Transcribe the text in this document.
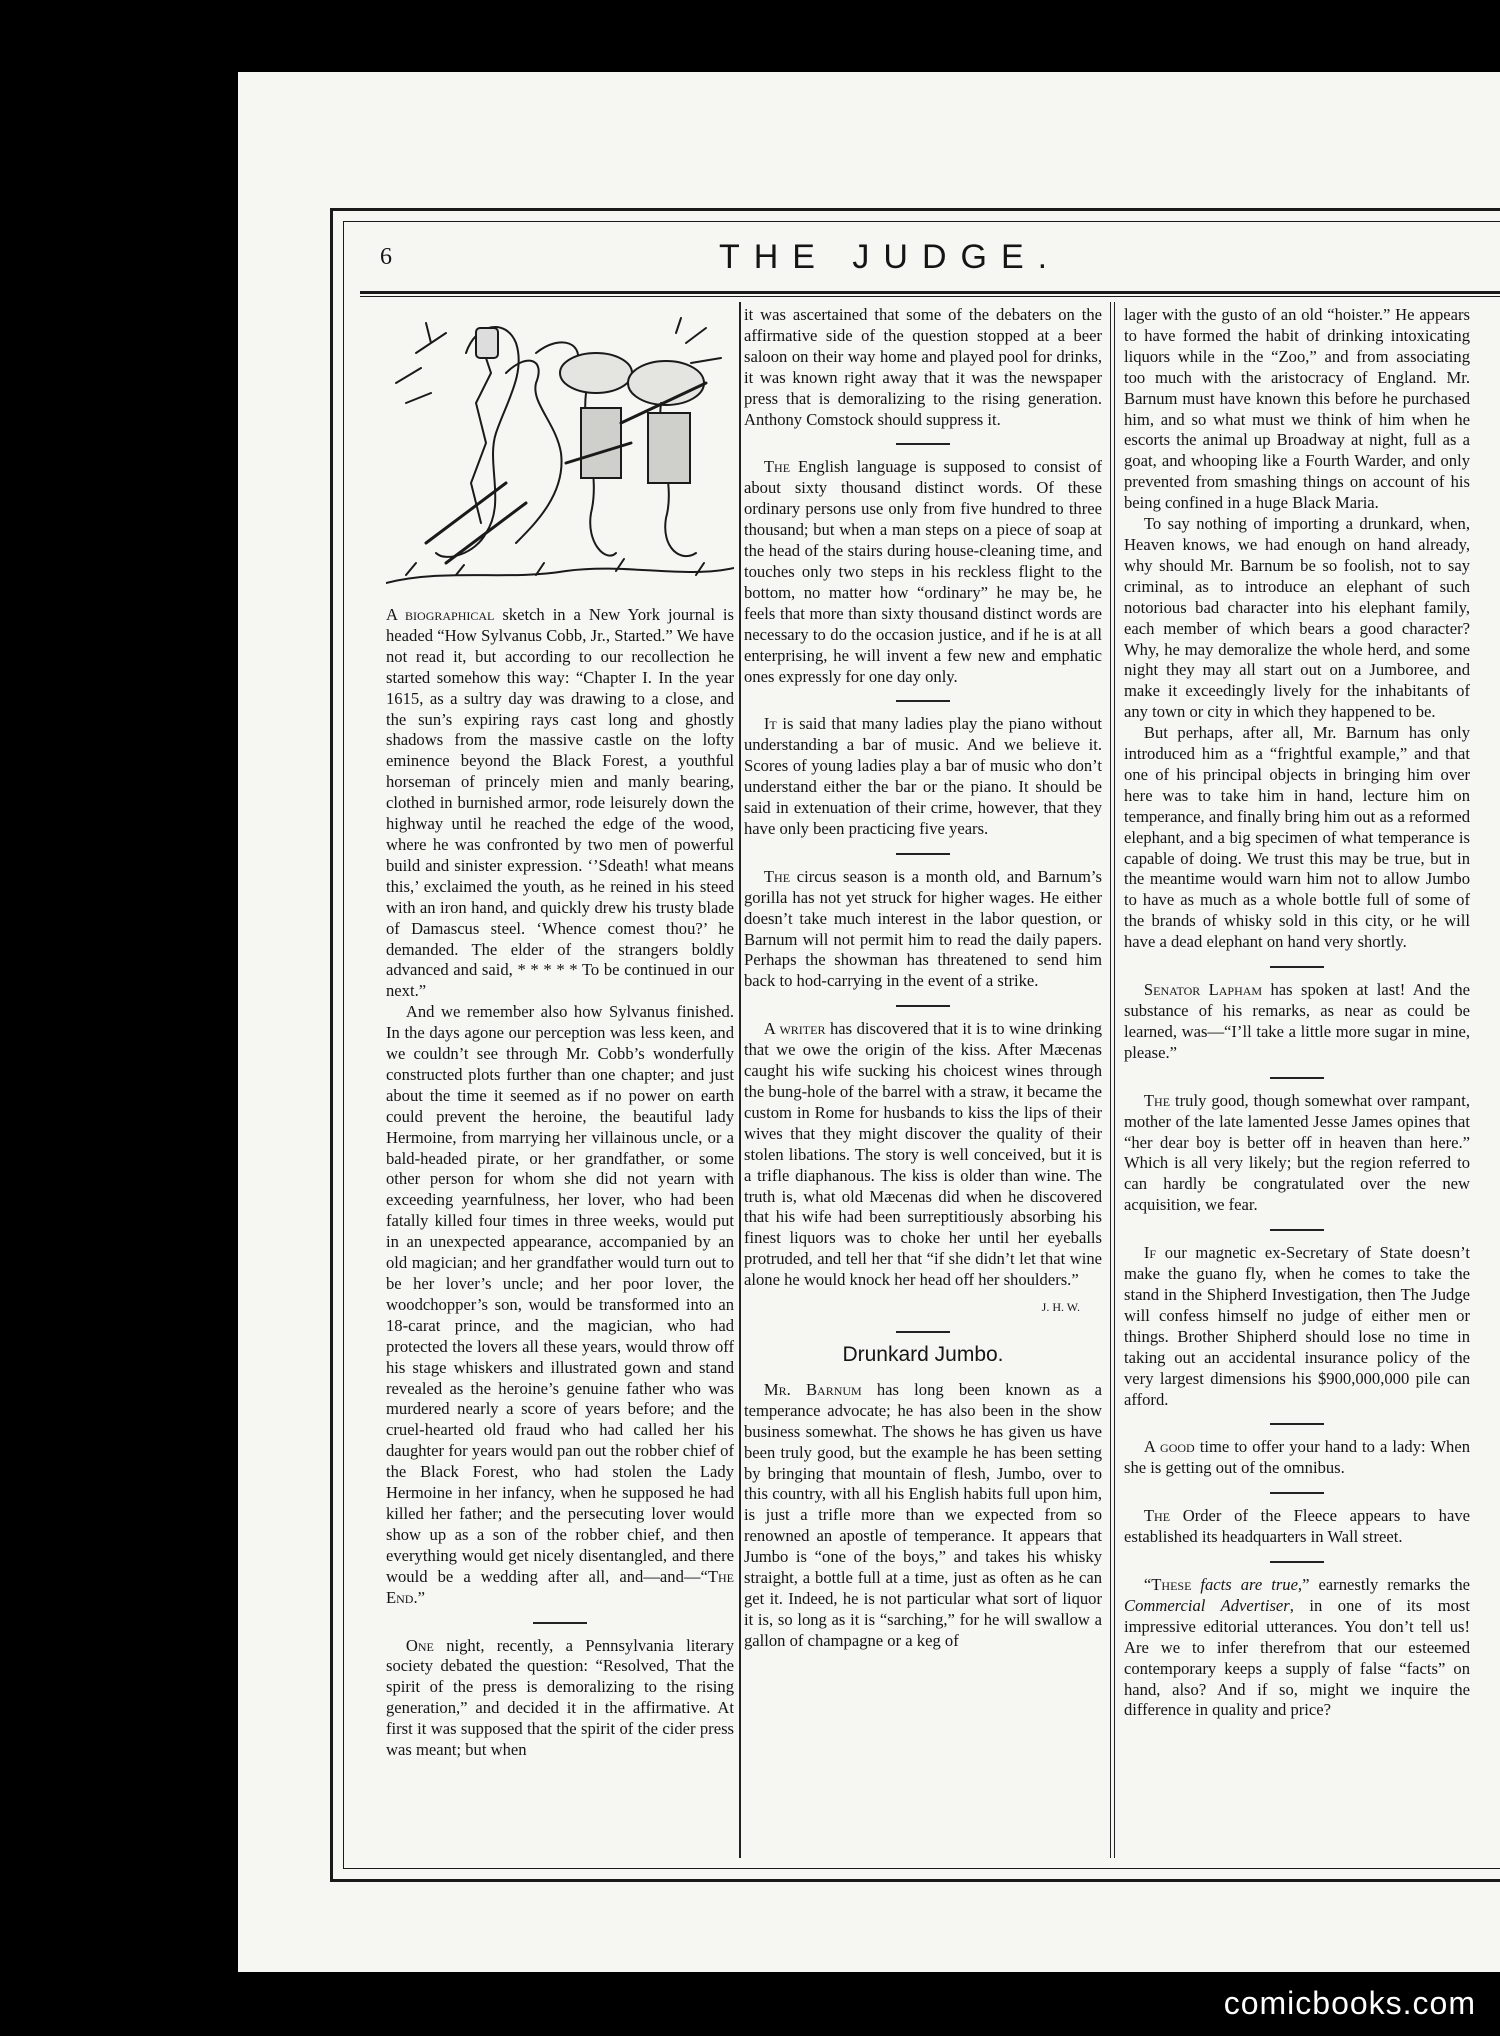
6	THE JUDGE.

A biographical sketch in a New York journal is headed “How Sylvanus Cobb, Jr., Started.” We have not read it, but according to our recollection he started somehow this way: “Chapter I. In the year 1615, as a sultry day was drawing to a close, and the sun’s expiring rays cast long and ghostly shadows from the massive castle on the lofty eminence beyond the Black Forest, a youthful horseman of princely mien and manly bearing, clothed in burnished armor, rode leisurely down the highway until he reached the edge of the wood, where he was confronted by two men of powerful build and sinister expression. ‘’Sdeath! what means this,’ exclaimed the youth, as he reined in his steed with an iron hand, and quickly drew his trusty blade of Damascus steel. ‘Whence comest thou?’ he demanded. The elder of the strangers boldly advanced and said, * * * * * To be continued in our next.”

And we remember also how Sylvanus finished. In the days agone our perception was less keen, and we couldn’t see through Mr. Cobb’s wonderfully constructed plots further than one chapter; and just about the time it seemed as if no power on earth could prevent the heroine, the beautiful lady Hermoine, from marrying her villainous uncle, or a bald-headed pirate, or her grandfather, or some other person for whom she did not yearn with exceeding yearnfulness, her lover, who had been fatally killed four times in three weeks, would put in an unexpected appearance, accompanied by an old magician; and her grandfather would turn out to be her lover’s uncle; and her poor lover, the woodchopper’s son, would be transformed into an 18-carat prince, and the magician, who had protected the lovers all these years, would throw off his stage whiskers and illustrated gown and stand revealed as the heroine’s genuine father who was murdered nearly a score of years before; and the cruel-hearted old fraud who had called her his daughter for years would pan out the robber chief of the Black Forest, who had stolen the Lady Hermoine in her infancy, when he supposed he had killed her father; and the persecuting lover would show up as a son of the robber chief, and then everything would get nicely disentangled, and there would be a wedding after all, and—and—“The End.”

One night, recently, a Pennsylvania literary society debated the question: “Resolved, That the spirit of the press is demoralizing to the rising generation,” and decided it in the affirmative. At first it was supposed that the spirit of the cider press was meant; but when

it was ascertained that some of the debaters on the affirmative side of the question stopped at a beer saloon on their way home and played pool for drinks, it was known right away that it was the newspaper press that is demoralizing to the rising generation. Anthony Comstock should suppress it.

The English language is supposed to consist of about sixty thousand distinct words. Of these ordinary persons use only from five hundred to three thousand; but when a man steps on a piece of soap at the head of the stairs during house-cleaning time, and touches only two steps in his reckless flight to the bottom, no matter how “ordinary” he may be, he feels that more than sixty thousand distinct words are necessary to do the occasion justice, and if he is at all enterprising, he will invent a few new and emphatic ones expressly for one day only.

It is said that many ladies play the piano without understanding a bar of music. And we believe it. Scores of young ladies play a bar of music who don’t understand either the bar or the piano. It should be said in extenuation of their crime, however, that they have only been practicing five years.

The circus season is a month old, and Barnum’s gorilla has not yet struck for higher wages. He either doesn’t take much interest in the labor question, or Barnum will not permit him to read the daily papers. Perhaps the showman has threatened to send him back to hod-carrying in the event of a strike.

A writer has discovered that it is to wine drinking that we owe the origin of the kiss. After Mæcenas caught his wife sucking his choicest wines through the bung-hole of the barrel with a straw, it became the custom in Rome for husbands to kiss the lips of their wives that they might discover the quality of their stolen libations. The story is well conceived, but it is a trifle diaphanous. The kiss is older than wine. The truth is, what old Mæcenas did when he discovered that his wife had been surreptitiously absorbing his finest liquors was to choke her until her eyeballs protruded, and tell her that “if she didn’t let that wine alone he would knock her head off her shoulders.”

J. H. W.
Drunkard Jumbo.

Mr. Barnum has long been known as a temperance advocate; he has also been in the show business somewhat. The shows he has given us have been truly good, but the example he has been setting by bringing that mountain of flesh, Jumbo, over to this country, with all his English habits full upon him, is just a trifle more than we expected from so renowned an apostle of temperance. It appears that Jumbo is “one of the boys,” and takes his whisky straight, a bottle full at a time, just as often as he can get it. Indeed, he is not particular what sort of liquor it is, so long as it is “sarching,” for he will swallow a gallon of champagne or a keg of

lager with the gusto of an old “hoister.” He appears to have formed the habit of drinking intoxicating liquors while in the “Zoo,” and from associating too much with the aristocracy of England. Mr. Barnum must have known this before he purchased him, and so what must we think of him when he escorts the animal up Broadway at night, full as a goat, and whooping like a Fourth Warder, and only prevented from smashing things on account of his being confined in a huge Black Maria.

To say nothing of importing a drunkard, when, Heaven knows, we had enough on hand already, why should Mr. Barnum be so foolish, not to say criminal, as to introduce an elephant of such notorious bad character into his elephant family, each member of which bears a good character? Why, he may demoralize the whole herd, and some night they may all start out on a Jumboree, and make it exceedingly lively for the inhabitants of any town or city in which they happened to be.

But perhaps, after all, Mr. Barnum has only introduced him as a “frightful example,” and that one of his principal objects in bringing him over here was to take him in hand, lecture him on temperance, and finally bring him out as a reformed elephant, and a big specimen of what temperance is capable of doing. We trust this may be true, but in the meantime would warn him not to allow Jumbo to have as much as a whole bottle full of some of the brands of whisky sold in this city, or he will have a dead elephant on hand very shortly.

Senator Lapham has spoken at last! And the substance of his remarks, as near as could be learned, was—“I’ll take a little more sugar in mine, please.”

The truly good, though somewhat over rampant, mother of the late lamented Jesse James opines that “her dear boy is better off in heaven than here.” Which is all very likely; but the region referred to can hardly be congratulated over the new acquisition, we fear.

If our magnetic ex-Secretary of State doesn’t make the guano fly, when he comes to take the stand in the Shipherd Investigation, then The Judge will confess himself no judge of either men or things. Brother Shipherd should lose no time in taking out an accidental insurance policy of the very largest dimensions his $900,000,000 pile can afford.

A good time to offer your hand to a lady: When she is getting out of the omnibus.

The Order of the Fleece appears to have established its headquarters in Wall street.

“These facts are true,” earnestly remarks the Commercial Advertiser, in one of its most impressive editorial utterances. You don’t tell us! Are we to infer therefrom that our esteemed contemporary keeps a supply of false “facts” on hand, also? And if so, might we inquire the difference in quality and price?

comicbooks.com
